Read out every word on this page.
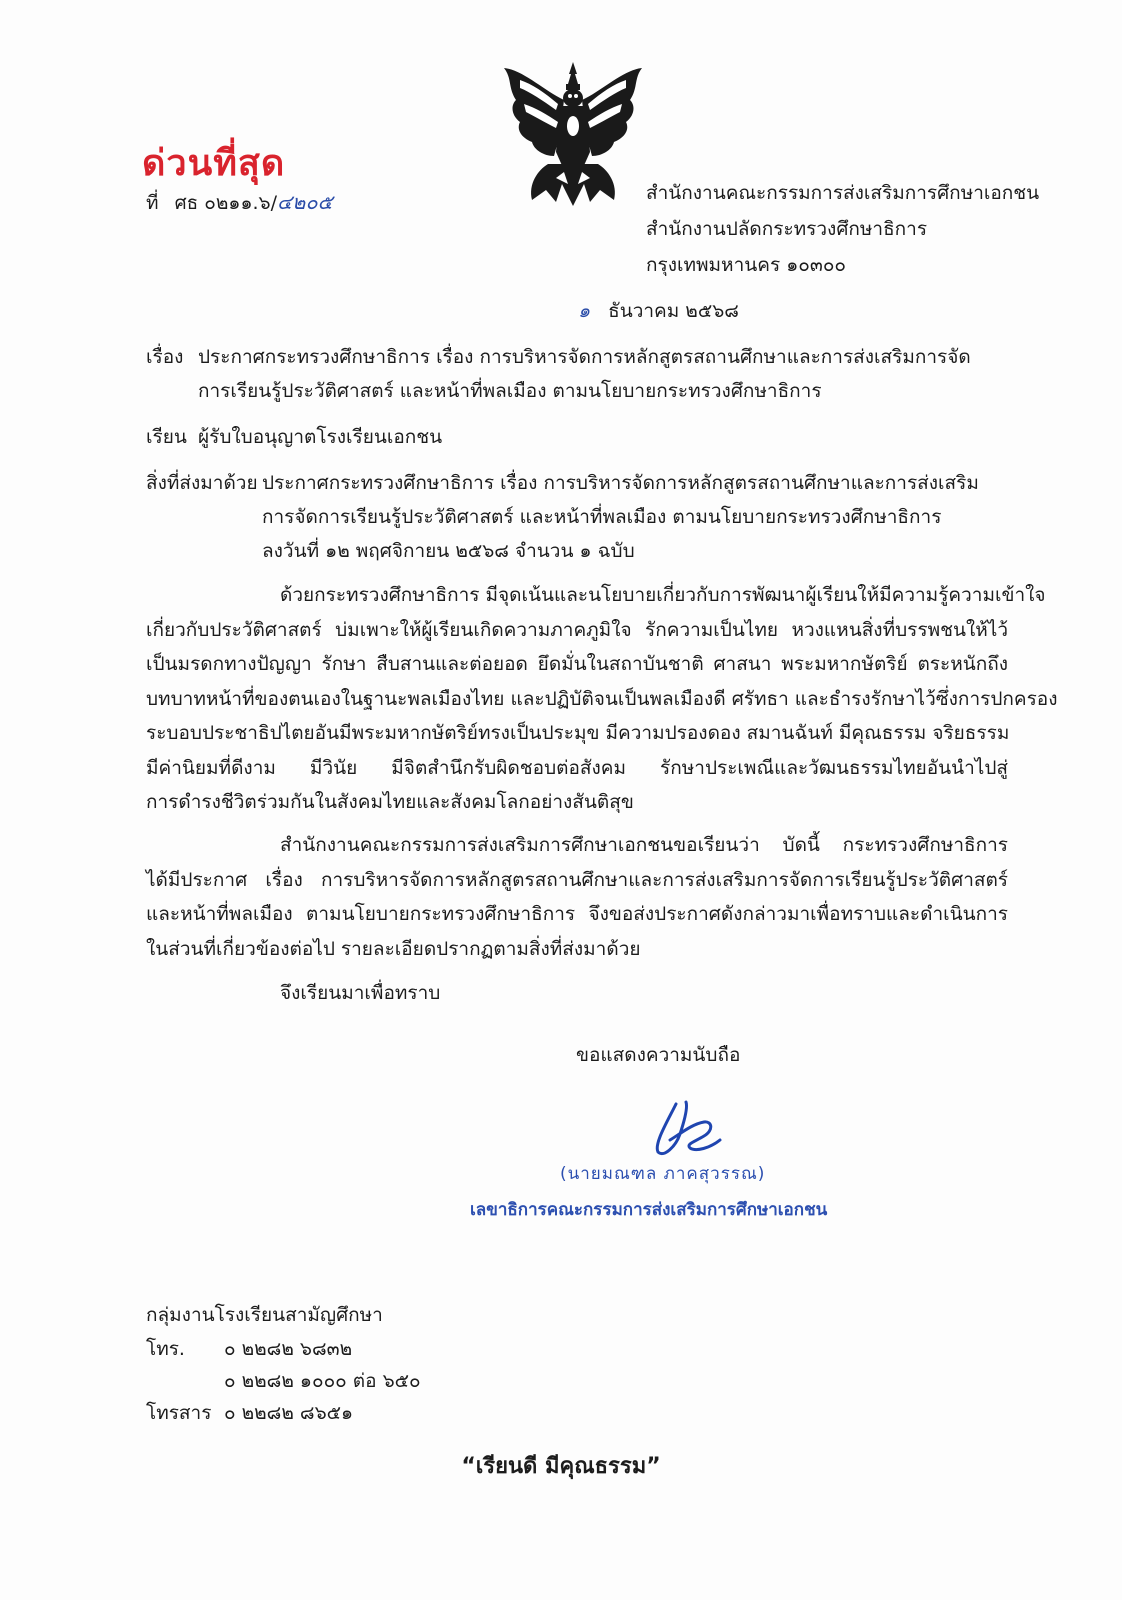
ด่วนที่สุด
ที่ ศธ ๐๒๑๑.๖/๔๒๐๕	สำนักงานคณะกรรมการส่งเสริมการศึกษาเอกชน
สำนักงานปลัดกระทรวงศึกษาธิการ
กรุงเทพมหานคร ๑๐๓๐๐
๑ ธันวาคม ๒๕๖๘
เรื่อง ประกาศกระทรวงศึกษาธิการ เรื่อง การบริหารจัดการหลักสูตรสถานศึกษาและการส่งเสริมการจัด
การเรียนรู้ประวัติศาสตร์ และหน้าที่พลเมือง ตามนโยบายกระทรวงศึกษาธิการ
เรียน ผู้รับใบอนุญาตโรงเรียนเอกชน
สิ่งที่ส่งมาด้วย ประกาศกระทรวงศึกษาธิการ เรื่อง การบริหารจัดการหลักสูตรสถานศึกษาและการส่งเสริม
การจัดการเรียนรู้ประวัติศาสตร์ และหน้าที่พลเมือง ตามนโยบายกระทรวงศึกษาธิการ
ลงวันที่ ๑๒ พฤศจิกายน ๒๕๖๘ จำนวน ๑ ฉบับ
ด้วยกระทรวงศึกษาธิการ มีจุดเน้นและนโยบายเกี่ยวกับการพัฒนาผู้เรียนให้มีความรู้ความเข้าใจ
เกี่ยวกับประวัติศาสตร์ บ่มเพาะให้ผู้เรียนเกิดความภาคภูมิใจ รักความเป็นไทย หวงแหนสิ่งที่บรรพชนให้ไว้
เป็นมรดกทางปัญญา รักษา สืบสานและต่อยอด ยึดมั่นในสถาบันชาติ ศาสนา พระมหากษัตริย์ ตระหนักถึง
บทบาทหน้าที่ของตนเองในฐานะพลเมืองไทย และปฏิบัติจนเป็นพลเมืองดี ศรัทธา และธำรงรักษาไว้ซึ่งการปกครอง
ระบอบประชาธิปไตยอันมีพระมหากษัตริย์ทรงเป็นประมุข มีความปรองดอง สมานฉันท์ มีคุณธรรม จริยธรรม
มีค่านิยมที่ดีงาม มีวินัย มีจิตสำนึกรับผิดชอบต่อสังคม รักษาประเพณีและวัฒนธรรมไทยอันนำไปสู่
การดำรงชีวิตร่วมกันในสังคมไทยและสังคมโลกอย่างสันติสุข
สำนักงานคณะกรรมการส่งเสริมการศึกษาเอกชนขอเรียนว่า บัดนี้ กระทรวงศึกษาธิการ
ได้มีประกาศ เรื่อง การบริหารจัดการหลักสูตรสถานศึกษาและการส่งเสริมการจัดการเรียนรู้ประวัติศาสตร์
และหน้าที่พลเมือง ตามนโยบายกระทรวงศึกษาธิการ จึงขอส่งประกาศดังกล่าวมาเพื่อทราบและดำเนินการ
ในส่วนที่เกี่ยวข้องต่อไป รายละเอียดปรากฏตามสิ่งที่ส่งมาด้วย
จึงเรียนมาเพื่อทราบ
ขอแสดงความนับถือ
(นายมณฑล ภาคสุวรรณ)
เลขาธิการคณะกรรมการส่งเสริมการศึกษาเอกชน
กลุ่มงานโรงเรียนสามัญศึกษา
โทร. ๐ ๒๒๘๒ ๖๘๓๒
๐ ๒๒๘๒ ๑๐๐๐ ต่อ ๖๕๐
โทรสาร ๐ ๒๒๘๒ ๘๖๕๑
“เรียนดี มีคุณธรรม”
